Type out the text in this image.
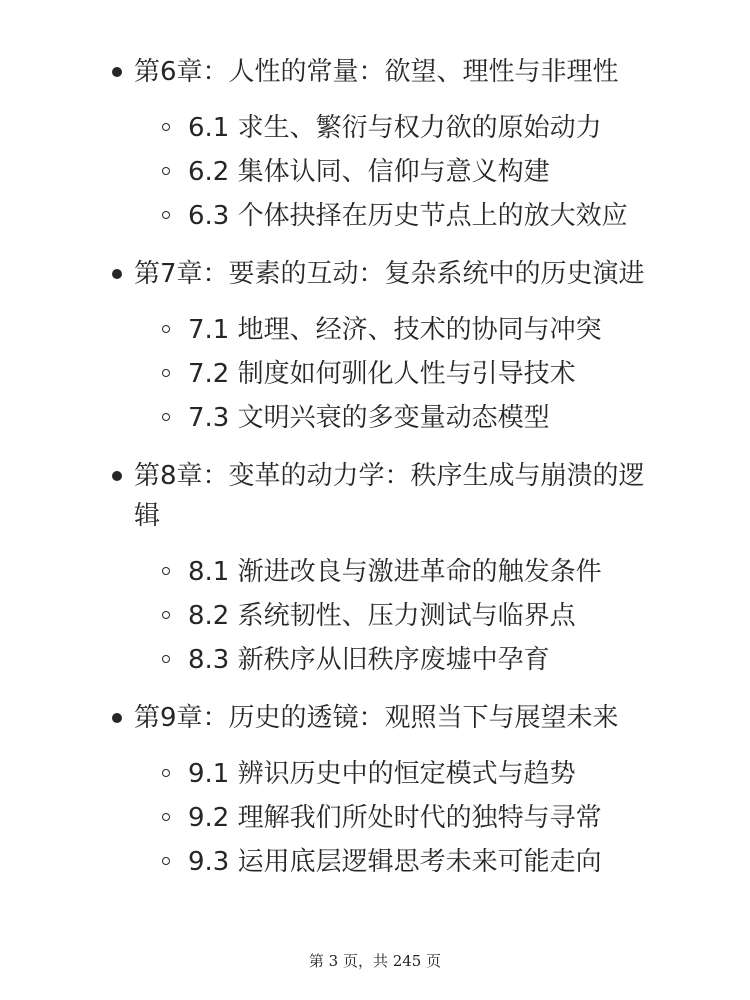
第6章：人性的常量：欲望、理性与非理性
6.1 求生、繁衍与权力欲的原始动力
6.2 集体认同、信仰与意义构建
6.3 个体抉择在历史节点上的放大效应
第7章：要素的互动：复杂系统中的历史演进
7.1 地理、经济、技术的协同与冲突
7.2 制度如何驯化人性与引导技术
7.3 文明兴衰的多变量动态模型
第8章：变革的动力学：秩序生成与崩溃的逻辑
8.1 渐进改良与激进革命的触发条件
8.2 系统韧性、压力测试与临界点
8.3 新秩序从旧秩序废墟中孕育
第9章：历史的透镜：观照当下与展望未来
9.1 辨识历史中的恒定模式与趋势
9.2 理解我们所处时代的独特与寻常
9.3 运用底层逻辑思考未来可能走向
第 3 页，共 245 页
